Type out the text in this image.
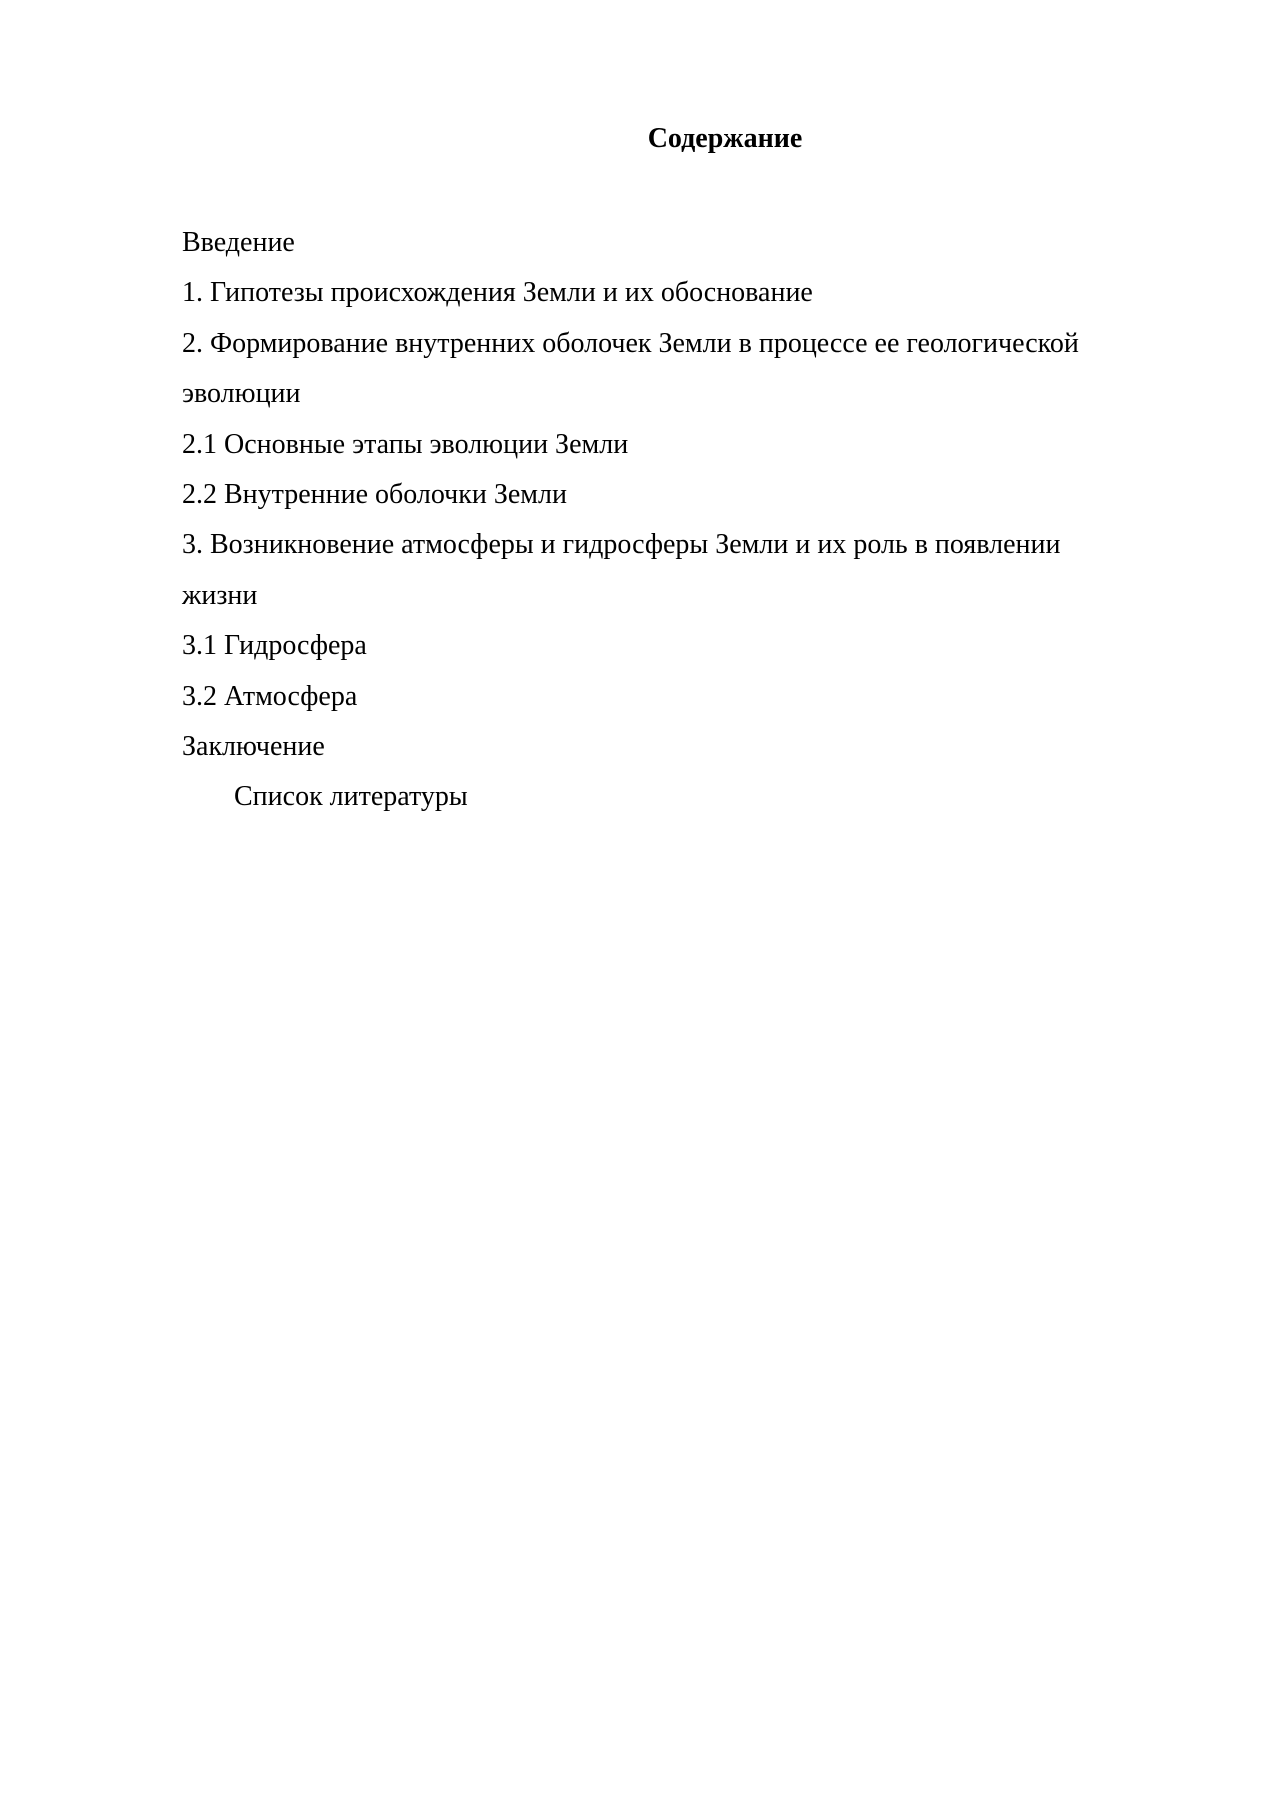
Содержание
Введение
1. Гипотезы происхождения Земли и их обоснование
2. Формирование внутренних оболочек Земли в процессе ее геологической
эволюции
2.1 Основные этапы эволюции Земли
2.2 Внутренние оболочки Земли
3. Возникновение атмосферы и гидросферы Земли и их роль в появлении
жизни
3.1 Гидросфера
3.2 Атмосфера
Заключение
Список литературы
